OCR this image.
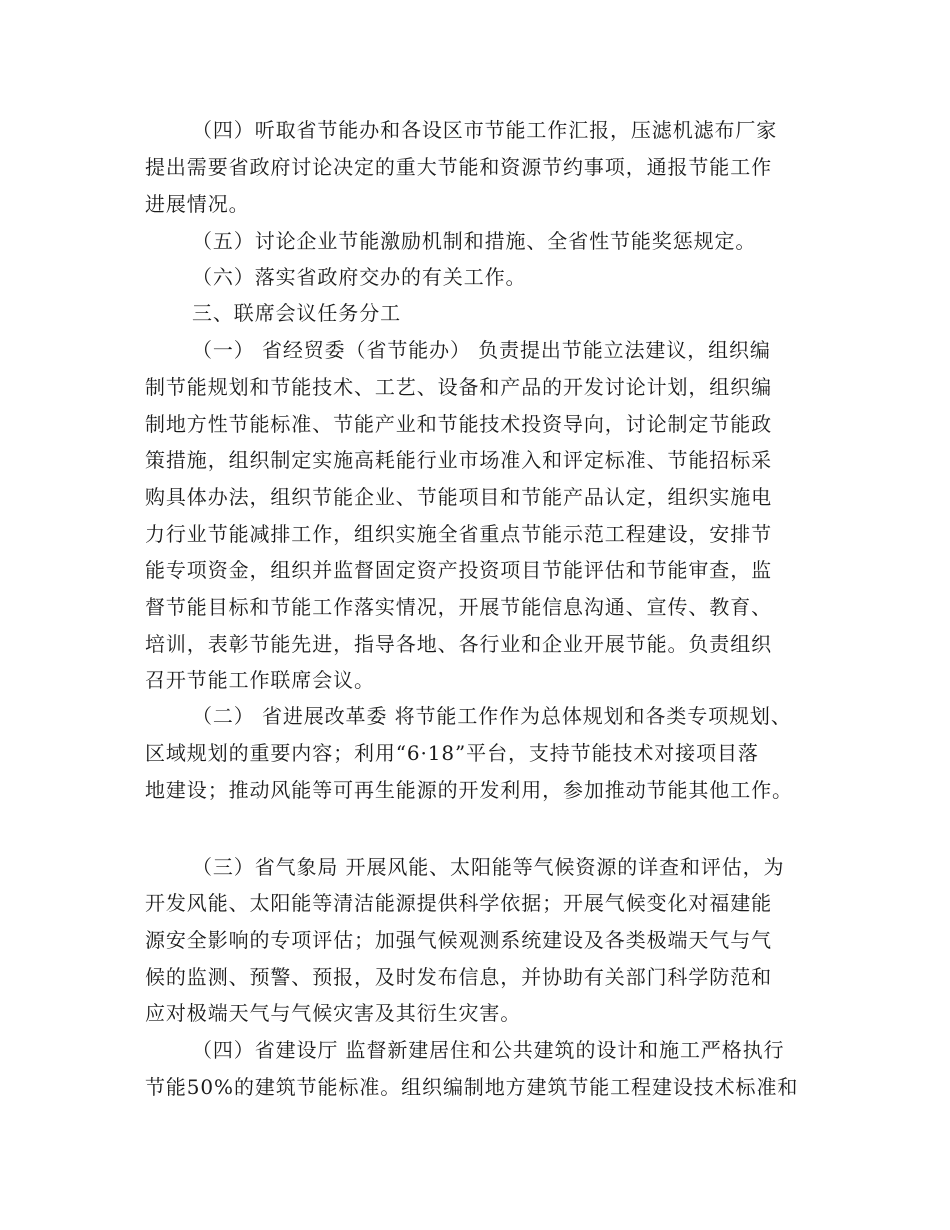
（四）听取省节能办和各设区市节能工作汇报，压滤机滤布厂家
提出需要省政府讨论决定的重大节能和资源节约事项，通报节能工作
进展情况。
（五）讨论企业节能激励机制和措施、全省性节能奖惩规定。
（六）落实省政府交办的有关工作。
三、联席会议任务分工
（一） 省经贸委（省节能办） 负责提出节能立法建议，组织编
制节能规划和节能技术、工艺、设备和产品的开发讨论计划，组织编
制地方性节能标准、节能产业和节能技术投资导向，讨论制定节能政
策措施，组织制定实施高耗能行业市场准入和评定标准、节能招标采
购具体办法，组织节能企业、节能项目和节能产品认定，组织实施电
力行业节能减排工作，组织实施全省重点节能示范工程建设，安排节
能专项资金，组织并监督固定资产投资项目节能评估和节能审查，监
督节能目标和节能工作落实情况，开展节能信息沟通、宣传、教育、
培训，表彰节能先进，指导各地、各行业和企业开展节能。负责组织
召开节能工作联席会议。
（二） 省进展改革委 将节能工作作为总体规划和各类专项规划、
区域规划的重要内容；利用“6·18”平台，支持节能技术对接项目落
地建设；推动风能等可再生能源的开发利用，参加推动节能其他工作。
（三）省气象局 开展风能、太阳能等气候资源的详查和评估，为
开发风能、太阳能等清洁能源提供科学依据；开展气候变化对福建能
源安全影响的专项评估；加强气候观测系统建设及各类极端天气与气
候的监测、预警、预报，及时发布信息，并协助有关部门科学防范和
应对极端天气与气候灾害及其衍生灾害。
（四）省建设厅 监督新建居住和公共建筑的设计和施工严格执行
节能50%的建筑节能标准。组织编制地方建筑节能工程建设技术标准和
